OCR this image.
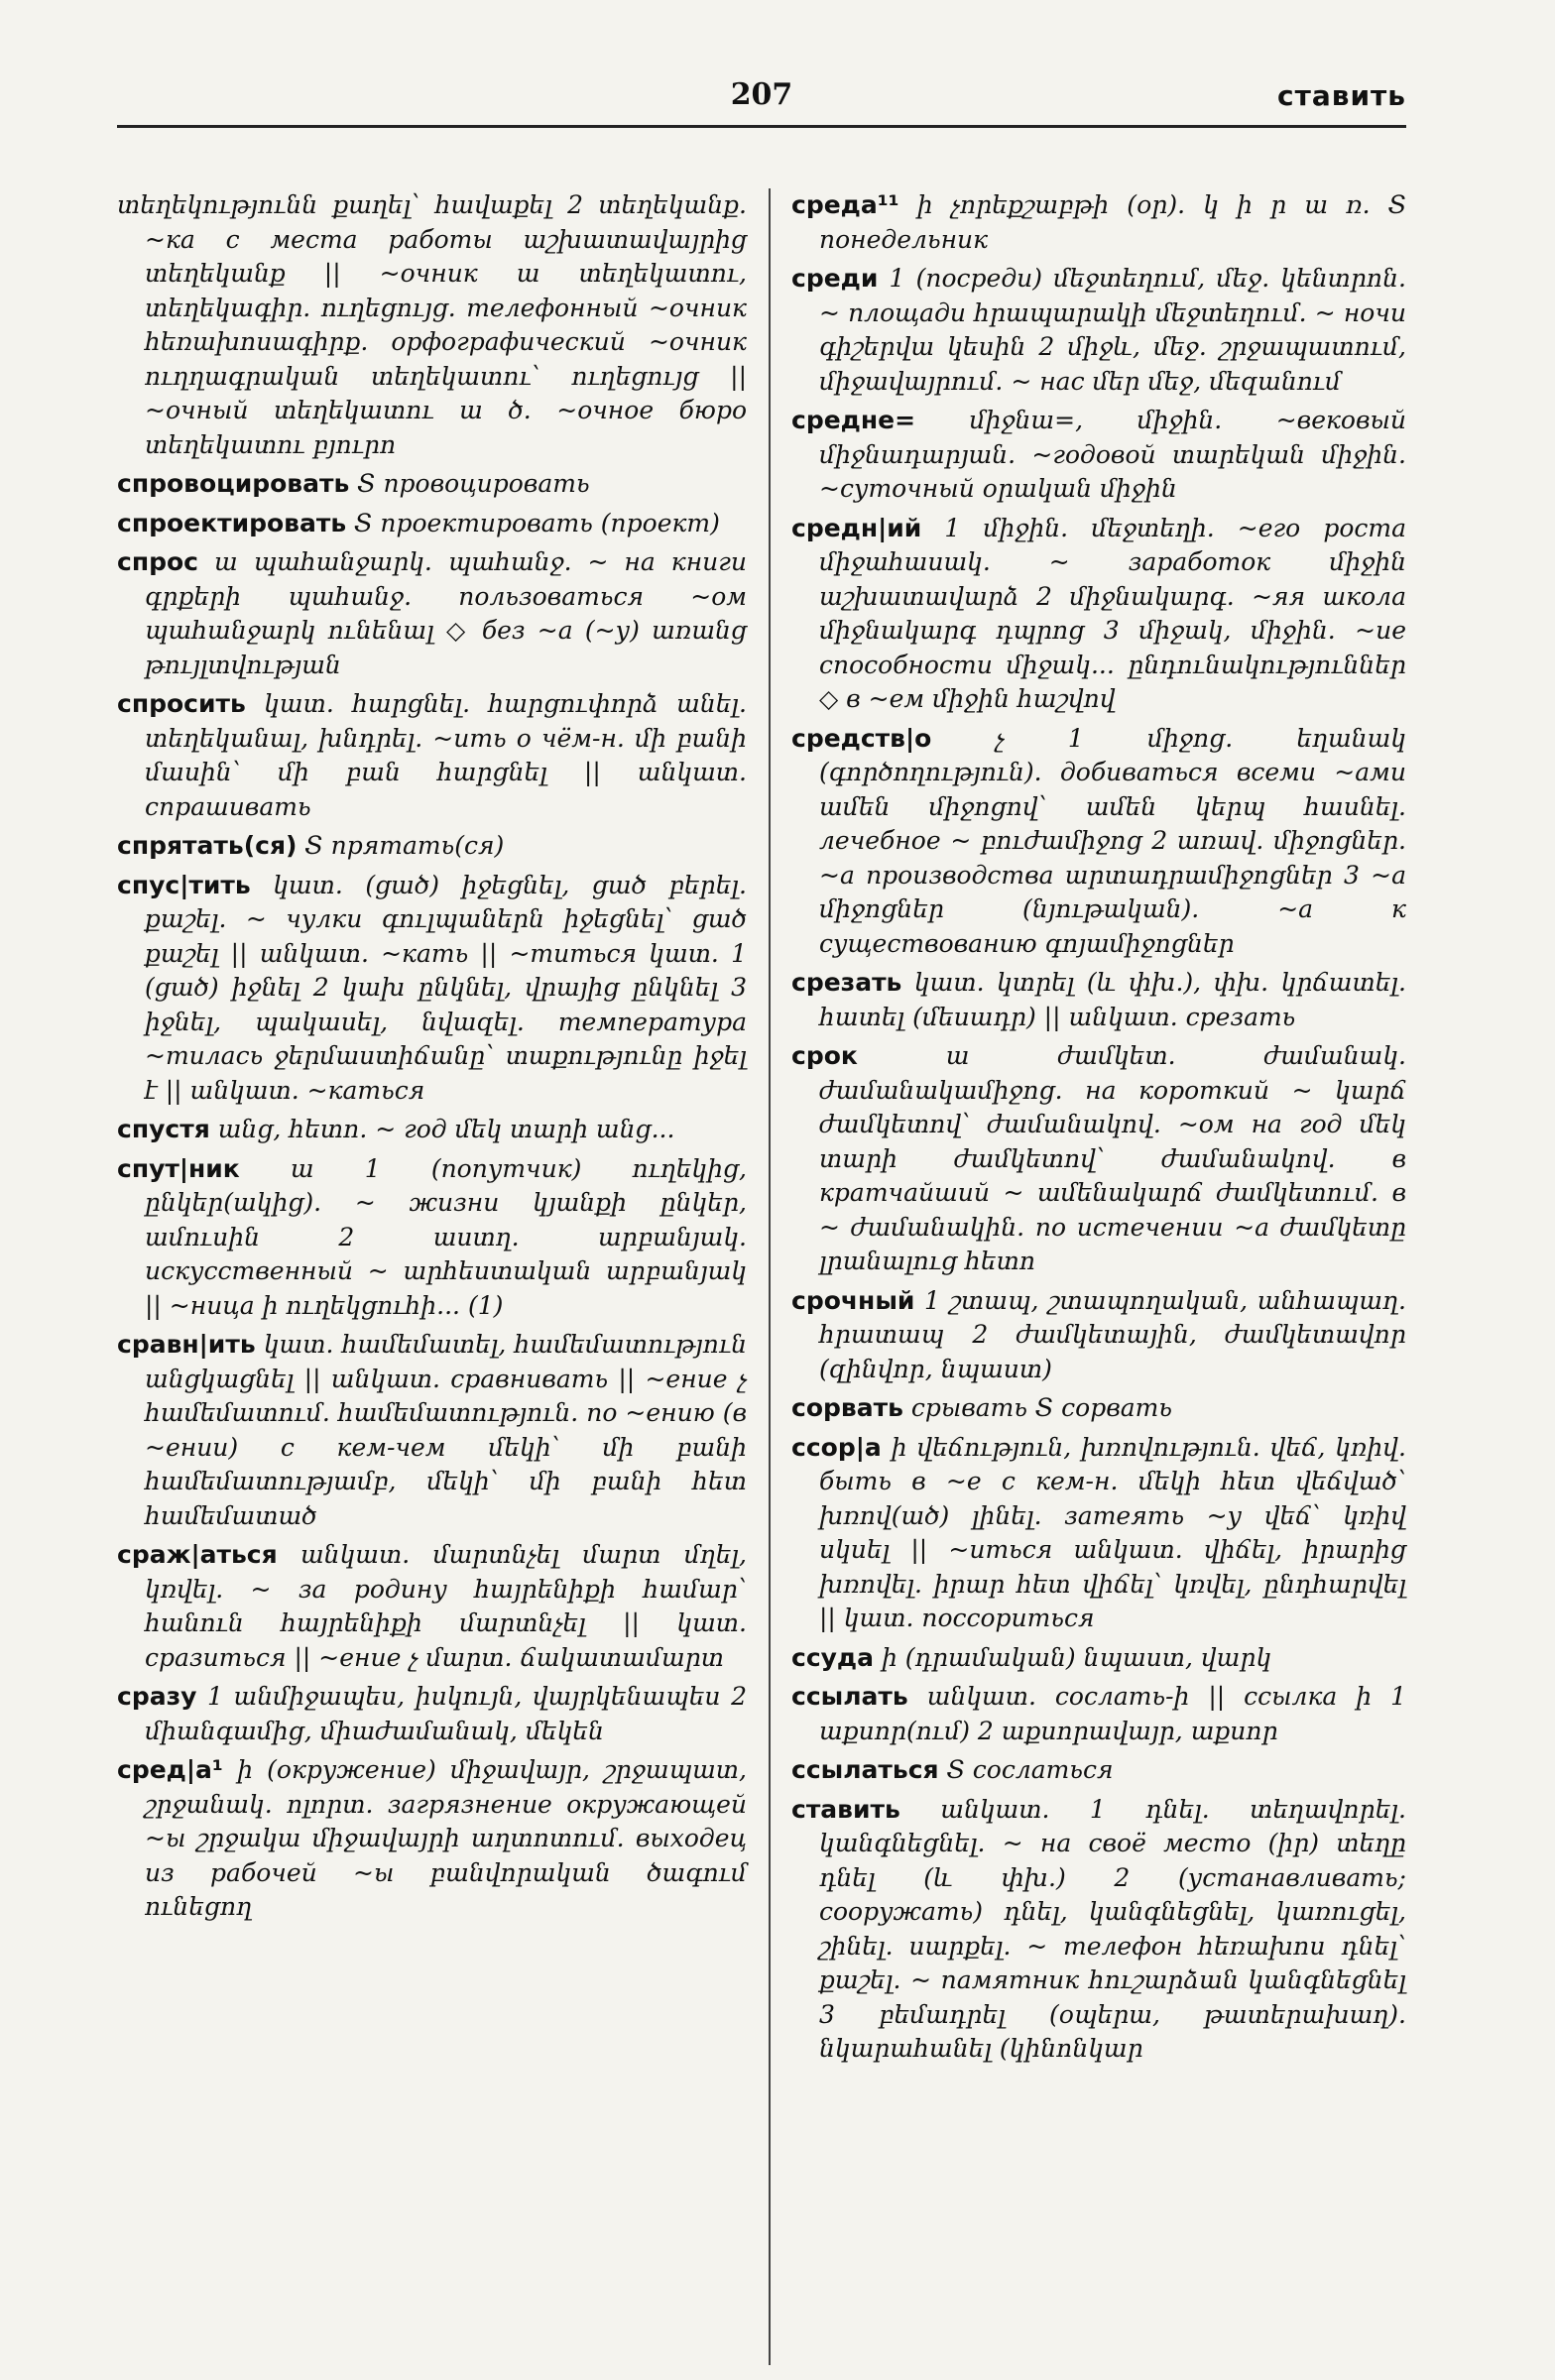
207	ставить

տեղեկությունն քաղել՝ հավաքել 2 տեղեկանք. ~ка с места работы աշխատավայրից տեղեկանք || ~очник ա տեղեկատու, տեղեկագիր. ուղեցույց. телефонный ~очник հեռախոսագիրք. орфографический ~очник ուղղագրական տեղեկատու՝ ուղեցույց || ~очный տեղեկատու ա ծ. ~очное бюро տեղեկատու բյուրո

спровоцировать Տ провоцировать

спроектировать Տ проектировать (проект)

спрос ա պահանջարկ. պահանջ. ~ на книги գրքերի պահանջ. пользоваться ~ом պահանջարկ ունենալ ◇ без ~а (~у) առանց թույլտվության

спросить կատ. հարցնել. հարցուփորձ անել. տեղեկանալ, խնդրել. ~ить о чём-н. մի բանի մասին՝ մի բան հարցնել || անկատ. спрашивать

спрятать(ся) Տ прятать(ся)

спус|тить կատ. (ցած) իջեցնել, ցած բերել. քաշել. ~ чулки գուլպաներն իջեցնել՝ ցած քաշել || անկատ. ~кать || ~титься կատ. 1 (ցած) իջնել 2 կախ ընկնել, վրայից ընկնել 3 իջնել, պակասել, նվազել. температура ~тилась ջերմաստիճանը՝ տաքությունը իջել է || անկատ. ~каться

спустя անց, հետո. ~ год մեկ տարի անց...

спут|ник ա 1 (попутчик) ուղեկից, ընկեր(ակից). ~ жизни կյանքի ընկեր, ամուսին 2 աստղ. արբանյակ. искусственный ~ արհեստական արբանյակ || ~ница ի ուղեկցուհի... (1)

сравн|ить կատ. համեմատել, համեմատություն անցկացնել || անկատ. сравнивать || ~ение չ համեմատում. համեմատություն. по ~ению (в ~ении) с кем-чем մեկի՝ մի բանի համեմատությամբ, մեկի՝ մի բանի հետ համեմատած

сраж|аться անկատ. մարտնչել մարտ մղել, կռվել. ~ за родину հայրենիքի համար՝ հանուն հայրենիքի մարտնչել || կատ. сразиться || ~ение չ մարտ. ճակատամարտ

сразу 1 անմիջապես, իսկույն, վայրկենապես 2 միանգամից, միաժամանակ, մեկեն

сред|а¹ ի (окружение) միջավայր, շրջապատ, շրջանակ. ոլորտ. загрязнение окружающей ~ы շրջակա միջավայրի աղտոտում. выходец из рабочей ~ы բանվորական ծագում ունեցող

среда¹¹ ի չորեքշաբթի (օր). կ ի ր ա ռ. Տ понедельник

среди 1 (посреди) մեջտեղում, մեջ. կենտրոն. ~ площади հրապարակի մեջտեղում. ~ ночи գիշերվա կեսին 2 միջև, մեջ. շրջապատում, միջավայրում. ~ нас մեր մեջ, մեզանում

средне= միջնա=, միջին. ~вековый միջնադարյան. ~годовой տարեկան միջին. ~суточный օրական միջին

средн|ий 1 միջին. մեջտեղի. ~его роста միջահասակ. ~ заработок միջին աշխատավարձ 2 միջնակարգ. ~яя школа միջնակարգ դպրոց 3 միջակ, միջին. ~ие способности միջակ... ընդունակություններ ◇ в ~ем միջին հաշվով

средств|о	չ 1 միջոց. եղանակ (գործողություն). добиваться всеми ~ами ամեն միջոցով՝ ամեն կերպ հասնել. лечебное ~ բուժամիջոց 2 առավ. միջոցներ. ~а производства արտադրամիջոցներ 3 ~а միջոցներ (նյութական). ~а к существованию գոյամիջոցներ

срезать կատ. կտրել (և փխ.), փխ. կրճատել. հատել (մեսադր) || անկատ. срезать

срок	ա ժամկետ. ժամանակ. ժամանակամիջոց. на короткий ~ կարճ ժամկետով՝ ժամանակով. ~ом на год մեկ տարի ժամկետով՝ ժամանակով. в кратчайший ~ ամենակարճ ժամկետում. в ~ ժամանակին. по истечении ~а ժամկետը լրանալուց հետո

срочный 1 շտապ, շտապողական, անհապաղ. հրատապ 2 ժամկետային, ժամկետավոր (զինվոր, նպաստ)

сорвать срывать Տ сорвать

ссор|а ի վեճություն, խռովություն. վեճ, կռիվ. быть в ~е с кем-н. մեկի հետ վեճված՝ խռով(ած) լինել. затеять ~у վեճ՝ կռիվ սկսել || ~иться անկատ. վիճել, իրարից խռովել. իրար հետ վիճել՝ կռվել, ընդհարվել || կատ. поссориться

ссуда ի (դրամական) նպաստ, վարկ

ссылать անկատ. сослать-ի || ссылка ի 1 աքսոր(ում) 2 աքսորավայր, աքսոր

ссылаться Տ сослаться

ставить անկատ. 1 դնել. տեղավորել. կանգնեցնել. ~ на своё место (իր) տեղը դնել (և փխ.) 2 (устанавливать; сооружать) դնել, կանգնեցնել, կառուցել, շինել. սարքել. ~ телефон հեռախոս դնել՝ քաշել. ~ памятник հուշարձան կանգնեցնել 3 բեմադրել (օպերա, թատերախաղ). նկարահանել (կինոնկար
